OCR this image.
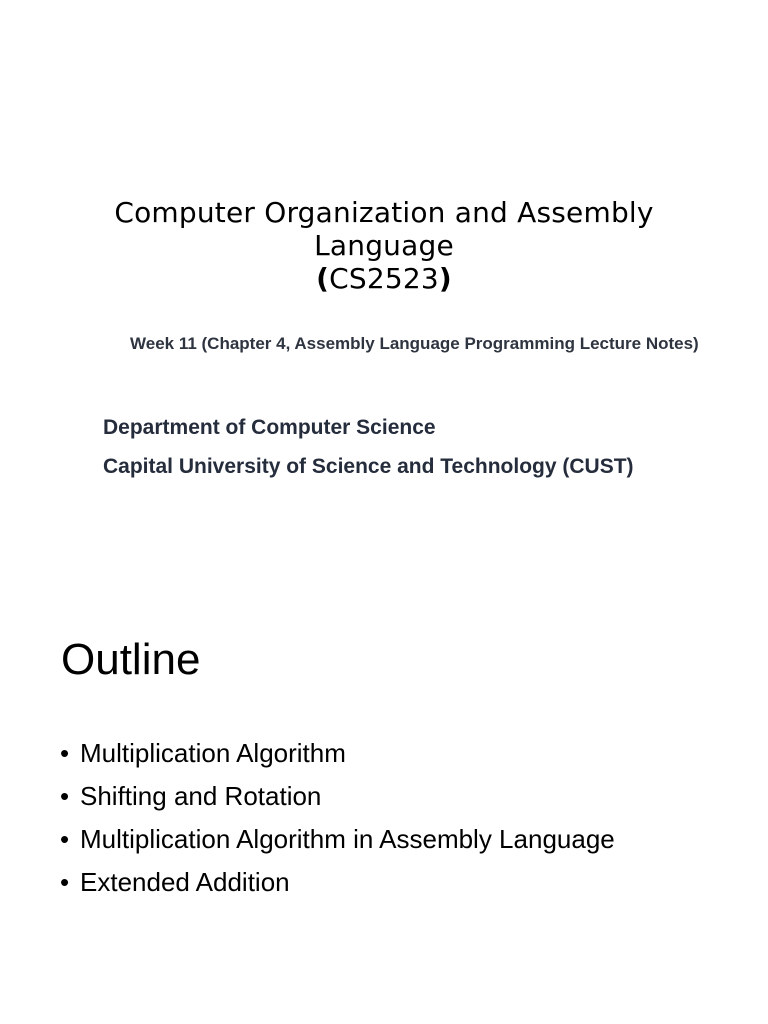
Computer Organization and Assembly
Language
(CS2523)
Week 11 (Chapter 4, Assembly Language Programming Lecture Notes)
Department of Computer Science
Capital University of Science and Technology (CUST)
Outline
• Multiplication Algorithm
• Shifting and Rotation
• Multiplication Algorithm in Assembly Language
• Extended Addition
